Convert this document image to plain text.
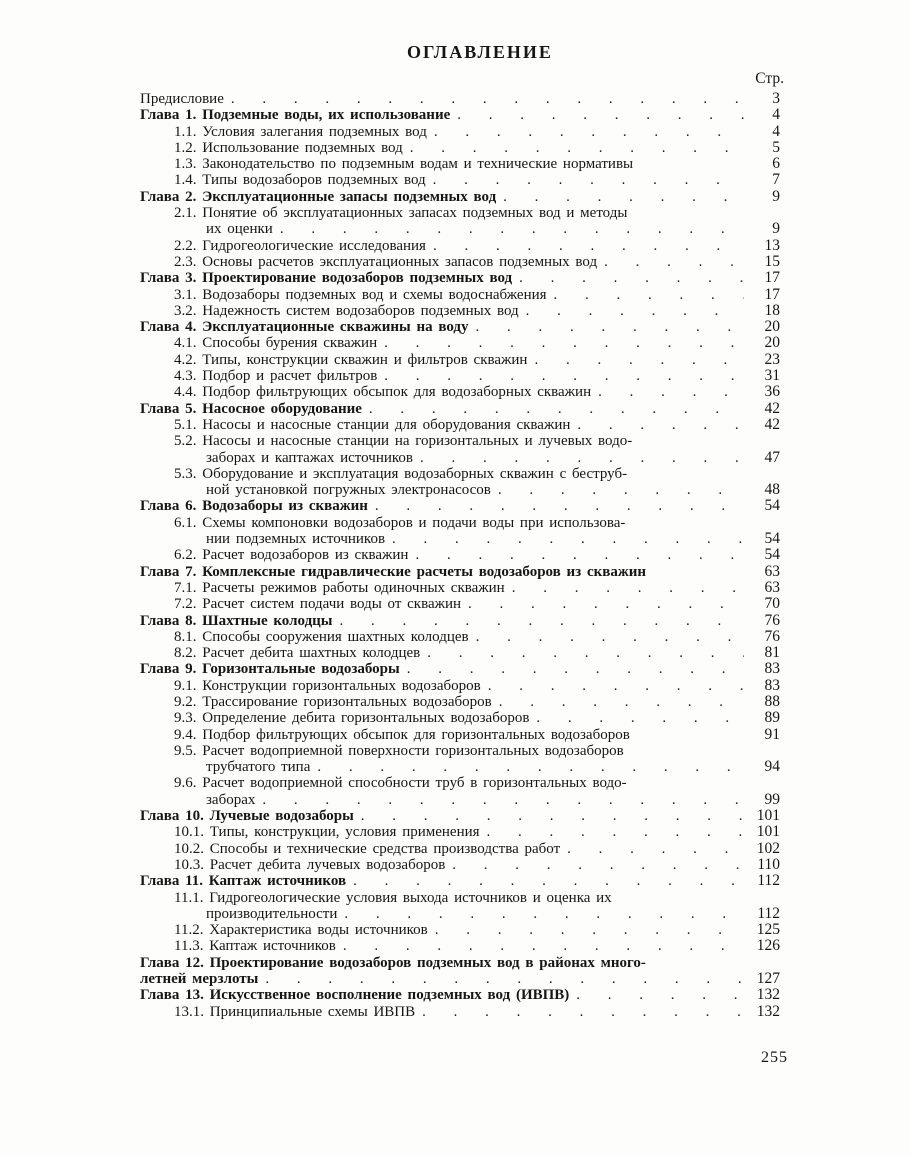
ОГЛАВЛЕНИЕ
Стр.
Предисловие . . .	3
Глава 1. Подземные воды, их использование . . .	4
1.1. Условия залегания подземных вод . . .	4
1.2. Использование подземных вод . . .	5
1.3. Законодательство по подземным водам и технические нормативы	6
1.4. Типы водозаборов подземных вод . . .	7
Глава 2. Эксплуатационные запасы подземных вод . . .	9
2.1. Понятие об эксплуатационных запасах подземных вод и методы
их оценки . . .	9
2.2. Гидрогеологические исследования . . .	13
2.3. Основы расчетов эксплуатационных запасов подземных вод . . .	15
Глава 3. Проектирование водозаборов подземных вод . . .	17
3.1. Водозаборы подземных вод и схемы водоснабжения . . .	17
3.2. Надежность систем водозаборов подземных вод . . .	18
Глава 4. Эксплуатационные скважины на воду . . .	20
4.1. Способы бурения скважин . . .	20
4.2. Типы, конструкции скважин и фильтров скважин . . .	23
4.3. Подбор и расчет фильтров . . .	31
4.4. Подбор фильтрующих обсыпок для водозаборных скважин . . .	36
Глава 5. Насосное оборудование . . .	42
5.1. Насосы и насосные станции для оборудования скважин . . .	42
5.2. Насосы и насосные станции на горизонтальных и лучевых водо-
заборах и каптажах источников . . .	47
5.3. Оборудование и эксплуатация водозаборных скважин с беструб-
ной установкой погружных электронасосов . . .	48
Глава 6. Водозаборы из скважин . . .	54
6.1. Схемы компоновки водозаборов и подачи воды при использова-
нии подземных источников . . .	54
6.2. Расчет водозаборов из скважин . . .	54
Глава 7. Комплексные гидравлические расчеты водозаборов из скважин	63
7.1. Расчеты режимов работы одиночных скважин . . .	63
7.2. Расчет систем подачи воды от скважин . . .	70
Глава 8. Шахтные колодцы . . .	76
8.1. Способы сооружения шахтных колодцев . . .	76
8.2. Расчет дебита шахтных колодцев . . .	81
Глава 9. Горизонтальные водозаборы . . .	83
9.1. Конструкции горизонтальных водозаборов . . .	83
9.2. Трассирование горизонтальных водозаборов . . .	88
9.3. Определение дебита горизонтальных водозаборов . . .	89
9.4. Подбор фильтрующих обсыпок для горизонтальных водозаборов	91
9.5. Расчет водоприемной поверхности горизонтальных водозаборов
трубчатого типа . . .	94
9.6. Расчет водоприемной способности труб в горизонтальных водо-
заборах . . .	99
Глава 10. Лучевые водозаборы . . .	101
10.1. Типы, конструкции, условия применения . . .	101
10.2. Способы и технические средства производства работ . . .	102
10.3. Расчет дебита лучевых водозаборов . . .	110
Глава 11. Каптаж источников . . .	112
11.1. Гидрогеологические условия выхода источников и оценка их
производительности . . .	112
11.2. Характеристика воды источников . . .	125
11.3. Каптаж источников . . .	126
Глава 12. Проектирование водозаборов подземных вод в районах много-
летней мерзлоты . . .	127
Глава 13. Искусственное восполнение подземных вод (ИВПВ) . . .	132
13.1. Принципиальные схемы ИВПВ . . .	132
255
